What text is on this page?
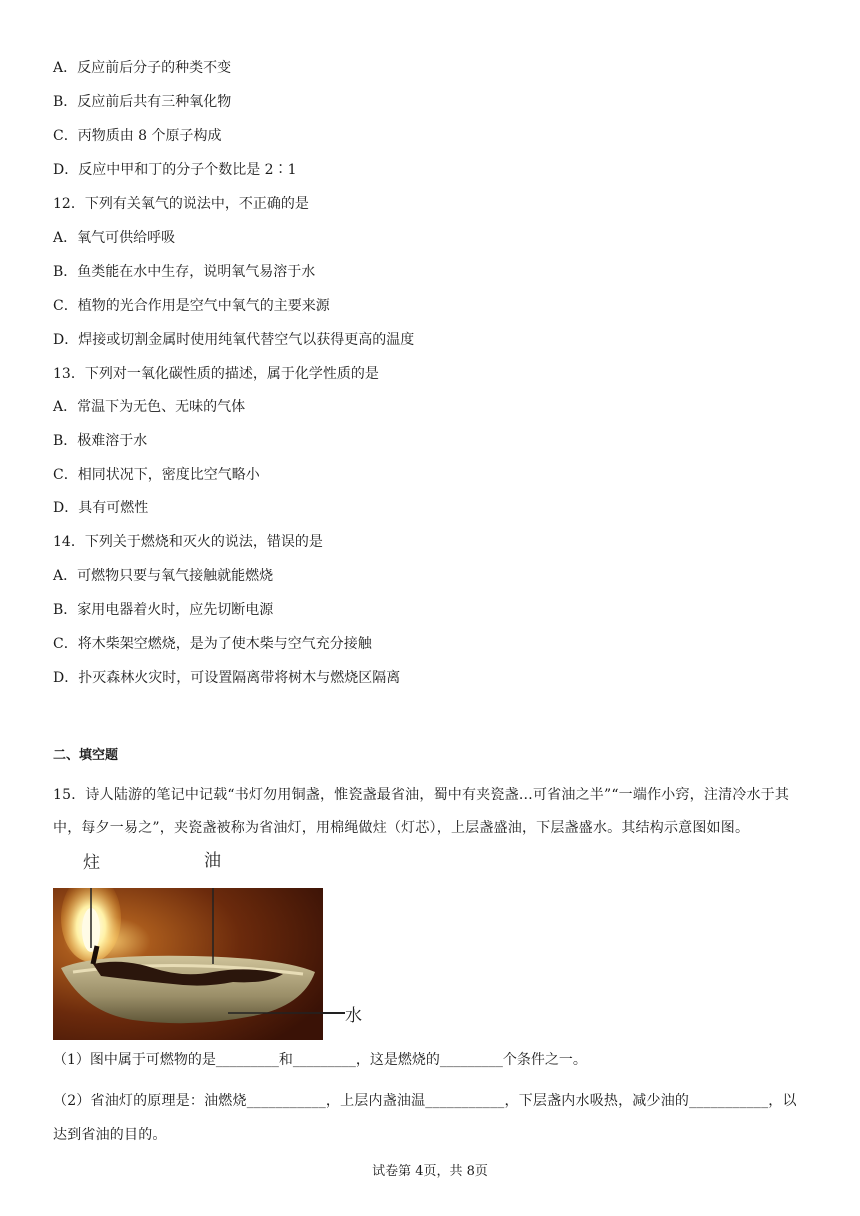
A．反应前后分子的种类不变
B．反应前后共有三种氧化物
C．丙物质由 8 个原子构成
D．反应中甲和丁的分子个数比是 2∶1
12．下列有关氧气的说法中，不正确的是
A．氧气可供给呼吸
B．鱼类能在水中生存，说明氧气易溶于水
C．植物的光合作用是空气中氧气的主要来源
D．焊接或切割金属时使用纯氧代替空气以获得更高的温度
13．下列对一氧化碳性质的描述，属于化学性质的是
A．常温下为无色、无味的气体
B．极难溶于水
C．相同状况下，密度比空气略小
D．具有可燃性
14．下列关于燃烧和灭火的说法，错误的是
A．可燃物只要与氧气接触就能燃烧
B．家用电器着火时，应先切断电源
C．将木柴架空燃烧，是为了使木柴与空气充分接触
D．扑灭森林火灾时，可设置隔离带将树木与燃烧区隔离
二、填空题
15．诗人陆游的笔记中记载“书灯勿用铜盏，惟瓷盏最省油，蜀中有夹瓷盏…可省油之半”“一端作小窍，注清冷水于其中，每夕一易之”，夹瓷盏被称为省油灯，用棉绳做炷（灯芯），上层盏盛油，下层盏盛水。其结构示意图如图。
炷	油
水
（1）图中属于可燃物的是_________和_________，这是燃烧的_________个条件之一。
（2）省油灯的原理是：油燃烧___________，上层内盏油温___________，下层盏内水吸热，减少油的___________，以达到省油的目的。
试卷第 4页，共 8页
